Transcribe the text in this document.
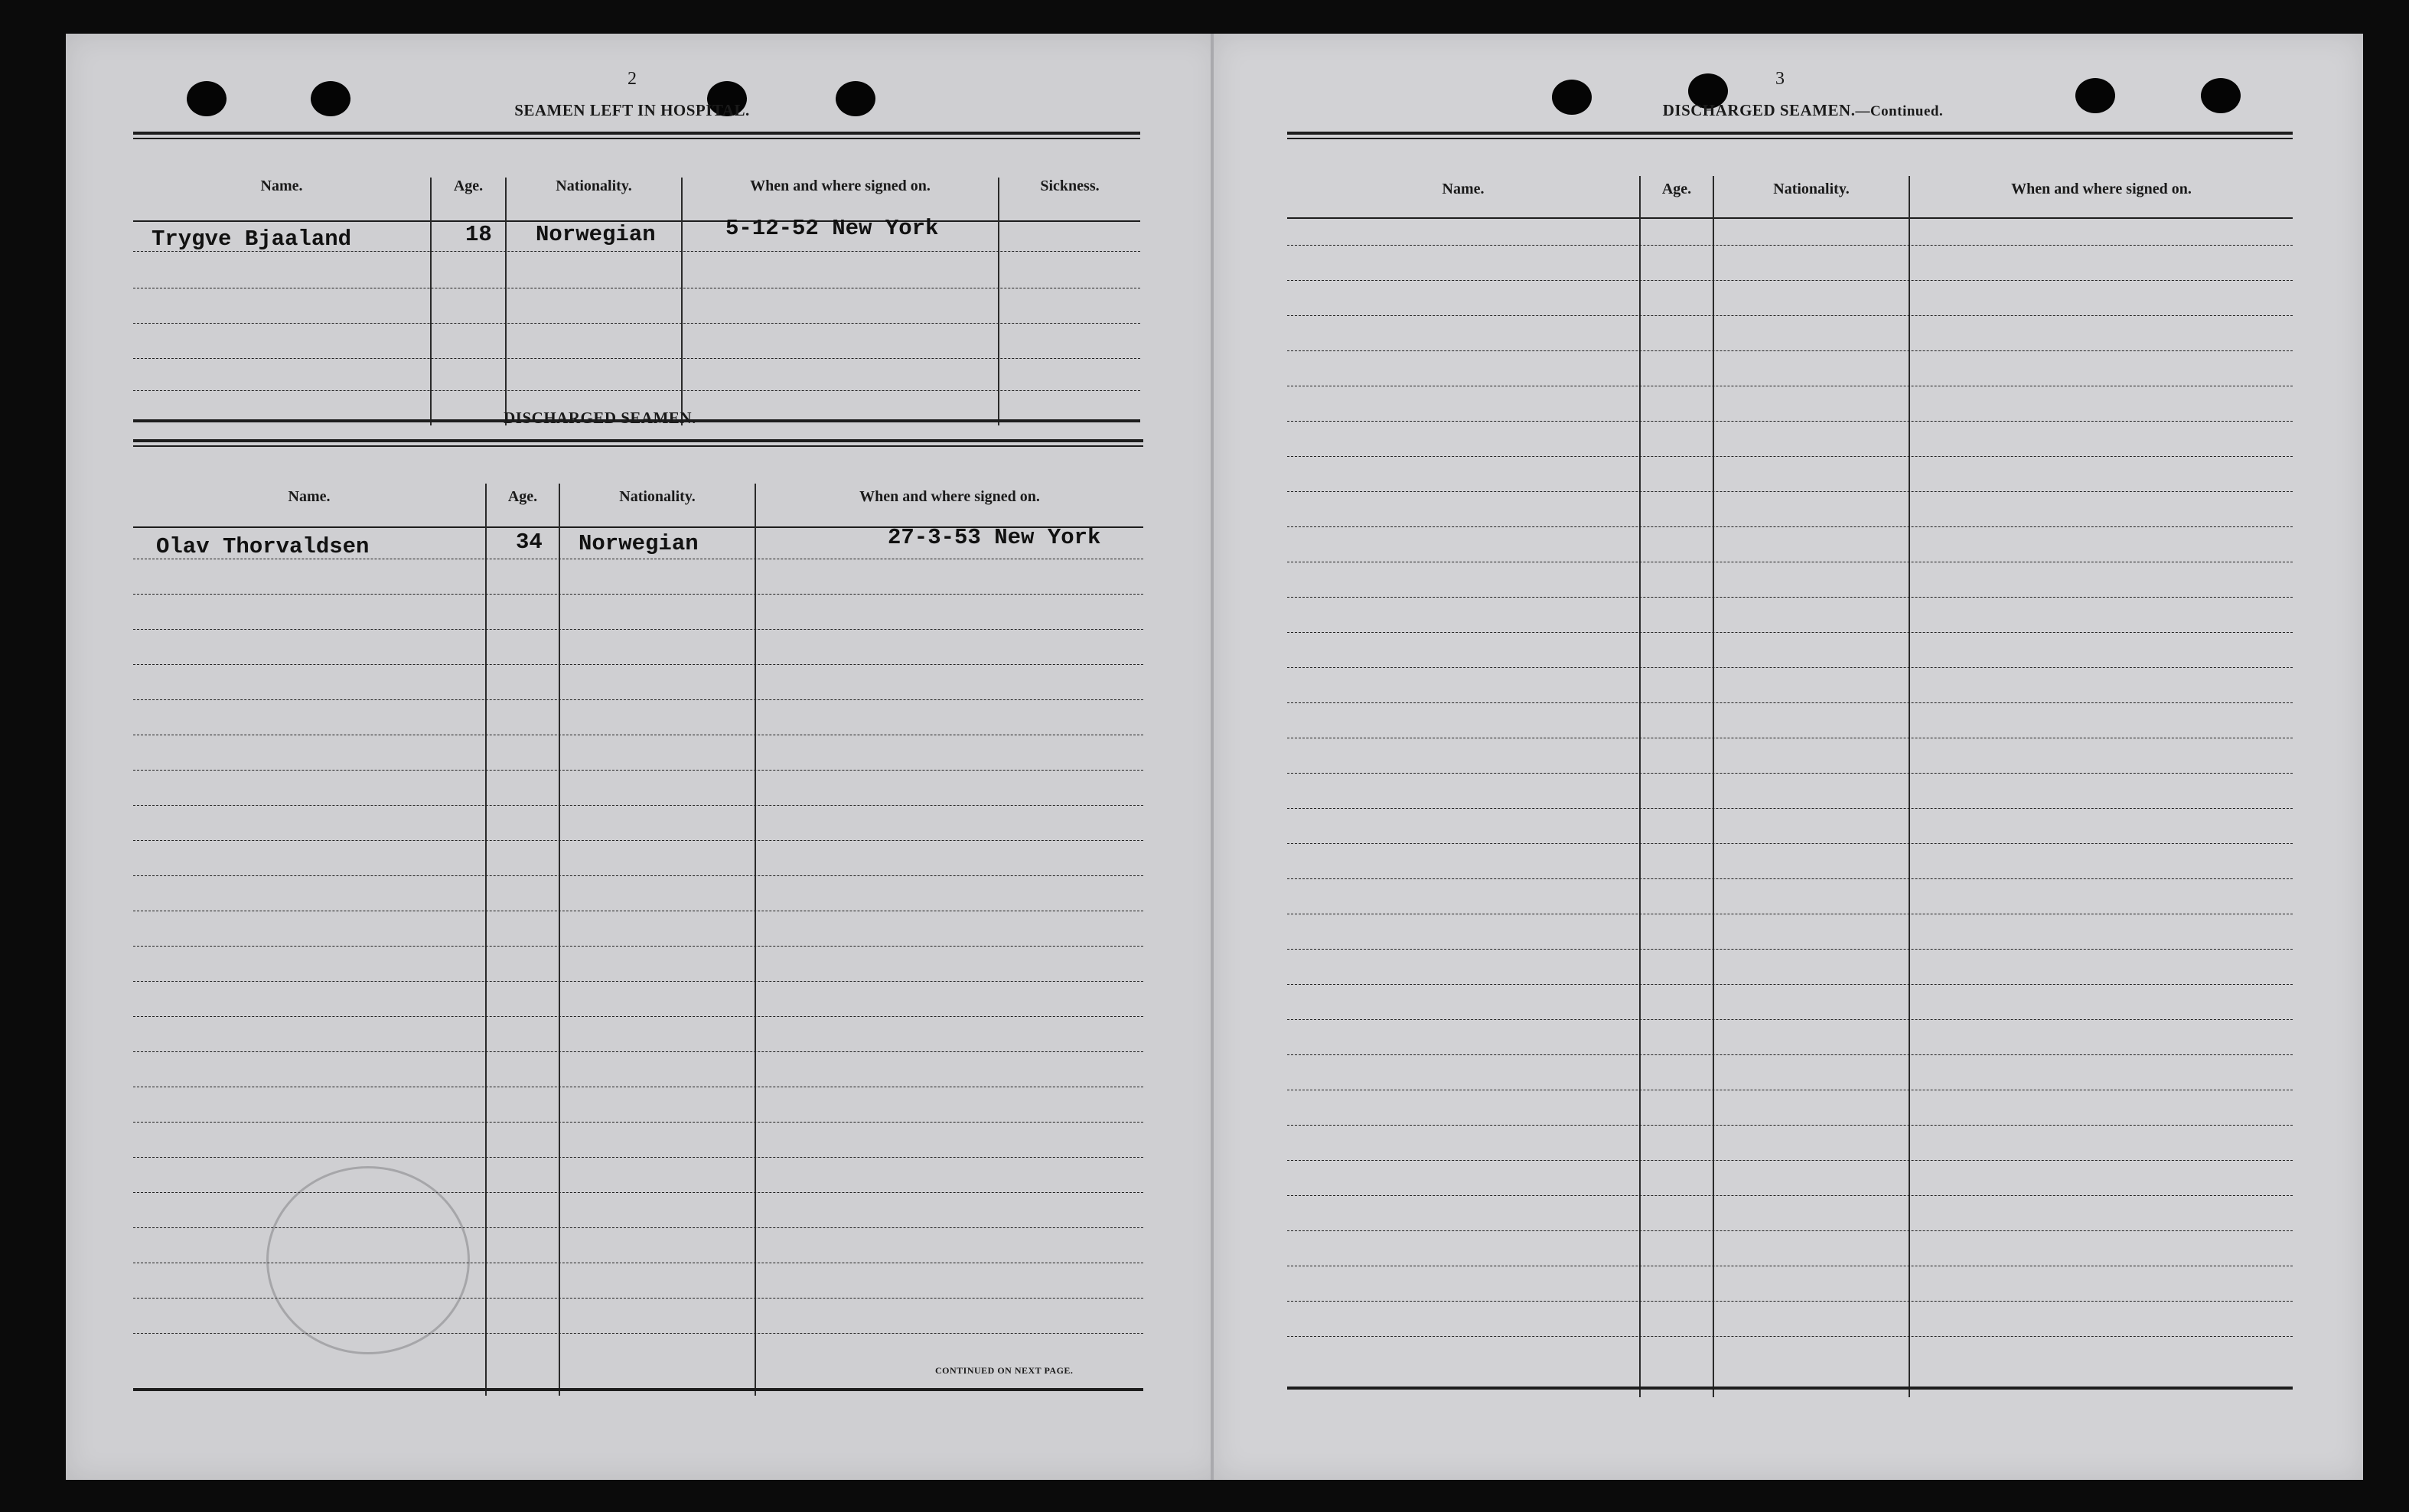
2
SEAMEN LEFT IN HOSPITAL.
Name.	Age.	Nationality.	When and where signed on.	Sickness.
Trygve Bjaaland	18 Norwegian	5-12-52 New York
DISCHARGED SEAMEN.
Name.	Age.	Nationality.	When and where signed on.
Olav Thorvaldsen	34 Norwegian	27-3-53 New York
CONTINUED ON NEXT PAGE.
3
DISCHARGED SEAMEN.—Continued.
Name.	Age.	Nationality.	When and where signed on.
